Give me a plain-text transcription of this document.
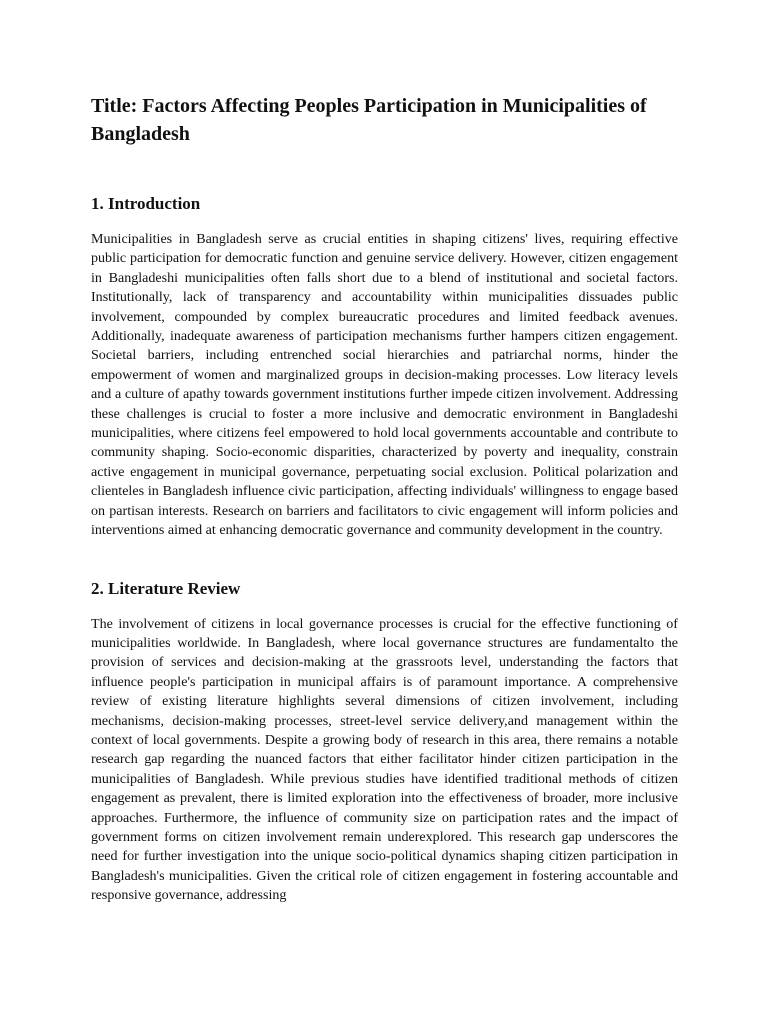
Title: Factors Affecting Peoples Participation in Municipalities of Bangladesh
1. Introduction

Municipalities in Bangladesh serve as crucial entities in shaping citizens' lives, requiring effective public participation for democratic function and genuine service delivery. However, citizen engagement in Bangladeshi municipalities often falls short due to a blend of institutional and societal factors. Institutionally, lack of transparency and accountability within municipalities dissuades public involvement, compounded by complex bureaucratic procedures and limited feedback avenues. Additionally, inadequate awareness of participation mechanisms further hampers citizen engagement. Societal barriers, including entrenched social hierarchies and patriarchal norms, hinder the empowerment of women and marginalized groups in decision-making processes. Low literacy levels and a culture of apathy towards government institutions further impede citizen involvement. Addressing these challenges is crucial to foster a more inclusive and democratic environment in Bangladeshi municipalities, where citizens feel empowered to hold local governments accountable and contribute to community shaping. Socio-economic disparities, characterized by poverty and inequality, constrain active engagement in municipal governance, perpetuating social exclusion. Political polarization and clienteles in Bangladesh influence civic participation, affecting individuals' willingness to engage based on partisan interests. Research on barriers and facilitators to civic engagement will inform policies and interventions aimed at enhancing democratic governance and community development in the country.

2. Literature Review

The involvement of citizens in local governance processes is crucial for the effective functioning of municipalities worldwide. In Bangladesh, where local governance structures are fundamentalto the provision of services and decision-making at the grassroots level, understanding the factors that influence people's participation in municipal affairs is of paramount importance. A comprehensive review of existing literature highlights several dimensions of citizen involvement, including mechanisms, decision-making processes, street-level service delivery,and management within the context of local governments. Despite a growing body of research in this area, there remains a notable research gap regarding the nuanced factors that either facilitator hinder citizen participation in the municipalities of Bangladesh. While previous studies have identified traditional methods of citizen engagement as prevalent, there is limited exploration into the effectiveness of broader, more inclusive approaches. Furthermore, the influence of community size on participation rates and the impact of government forms on citizen involvement remain underexplored. This research gap underscores the need for further investigation into the unique socio-political dynamics shaping citizen participation in Bangladesh's municipalities. Given the critical role of citizen engagement in fostering accountable and responsive governance, addressing
